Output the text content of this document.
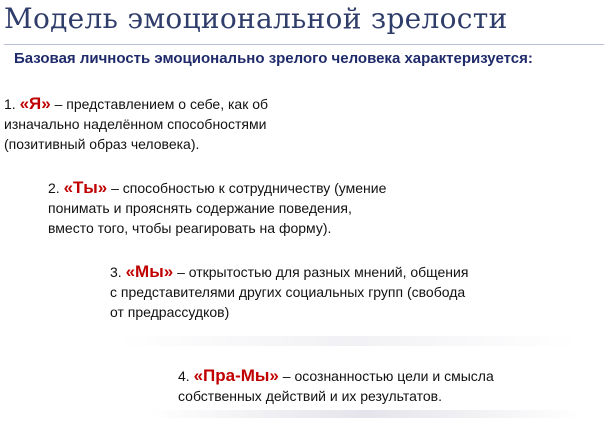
Модель эмоциональной зрелости
Базовая личность эмоционально зрелого человека характеризуется:
1. «Я» – представлением о себе, как об
изначально наделённом способностями
(позитивный образ человека).
2. «Ты» – способностью к сотрудничеству (умение
понимать и прояснять содержание поведения,
вместо того, чтобы реагировать на форму).
3. «Мы» – открытостью для разных мнений, общения
с представителями других социальных групп (свобода
от предрассудков)
4. «Пра-Мы» – осознанностью цели и смысла
собственных действий и их результатов.
